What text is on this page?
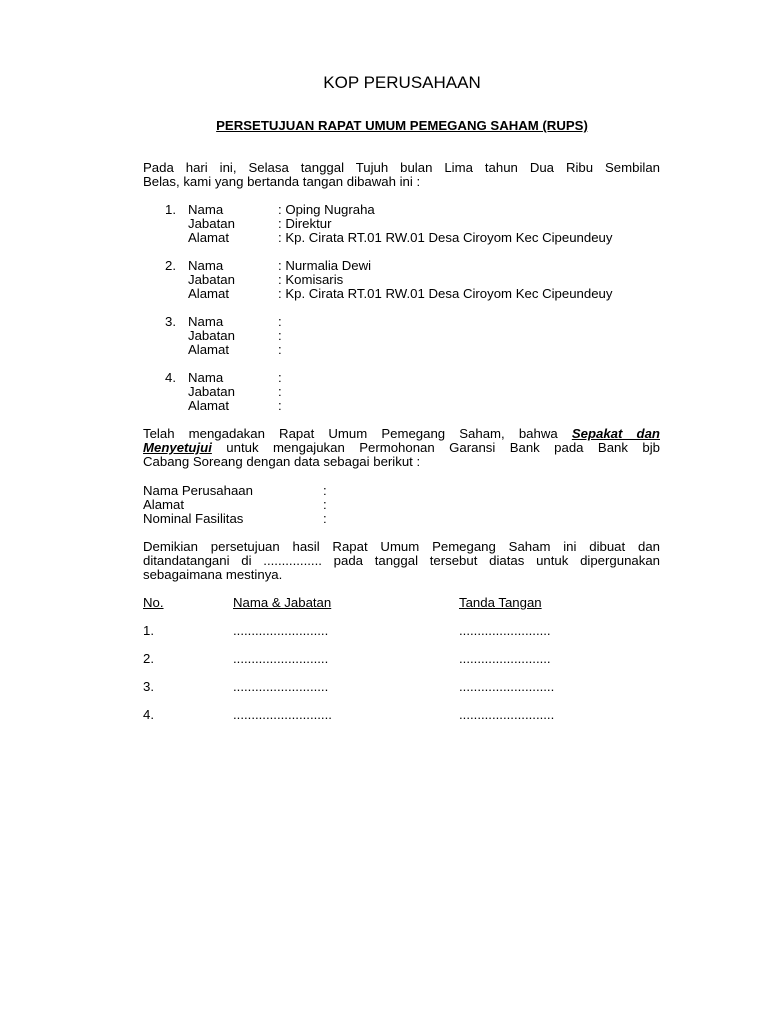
KOP PERUSAHAAN
PERSETUJUAN RAPAT UMUM PEMEGANG SAHAM (RUPS)
Pada hari ini, Selasa tanggal Tujuh bulan Lima tahun Dua Ribu Sembilan
Belas, kami yang bertanda tangan dibawah ini :
1. Nama	: Oping Nugraha
Jabatan	: Direktur
Alamat	: Kp. Cirata RT.01 RW.01 Desa Ciroyom Kec Cipeundeuy
2. Nama	: Nurmalia Dewi
Jabatan	: Komisaris
Alamat	: Kp. Cirata RT.01 RW.01 Desa Ciroyom Kec Cipeundeuy
3. Nama	:
Jabatan	:
Alamat	:
4. Nama	:
Jabatan	:
Alamat	:
Telah mengadakan Rapat Umum Pemegang Saham, bahwa Sepakat dan
Menyetujui untuk mengajukan Permohonan Garansi Bank pada Bank bjb
Cabang Soreang dengan data sebagai berikut :
Nama Perusahaan	:
Alamat	:
Nominal Fasilitas	:
Demikian persetujuan hasil Rapat Umum Pemegang Saham ini dibuat dan
ditandatangani di ................ pada tanggal tersebut diatas untuk dipergunakan
sebagaimana mestinya.
No.	Nama & Jabatan	Tanda Tangan
1.	..........................	.........................
2.	..........................	.........................
3.	..........................	..........................
4.	...........................	..........................
